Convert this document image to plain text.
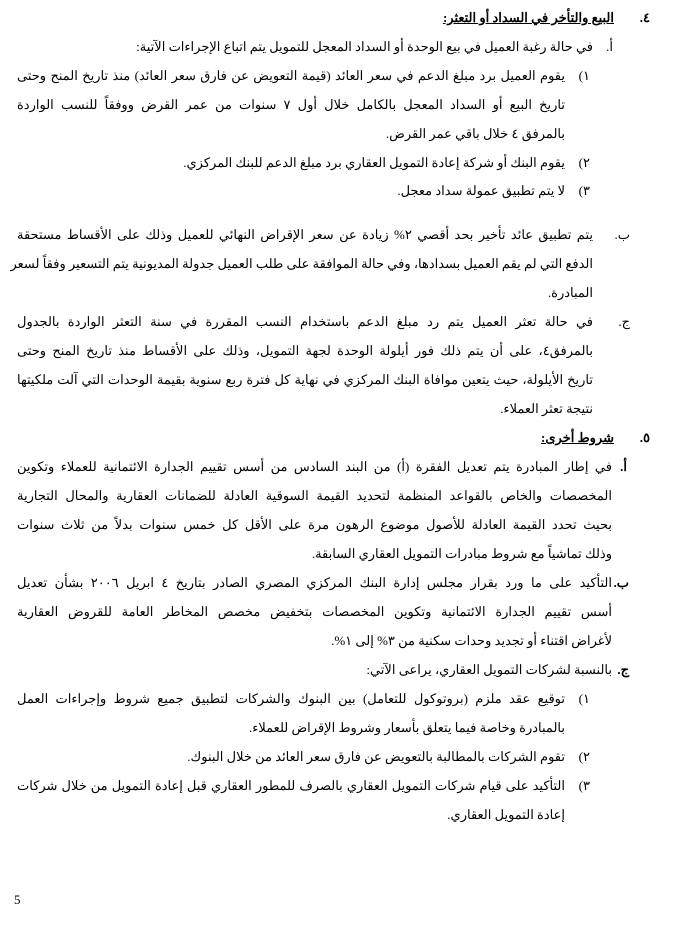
٤.
البيع والتأخر في السداد أو التعثر:
أ.
في حالة رغبة العميل في بيع الوحدة أو السداد المعجل للتمويل يتم اتباع الإجراءات الآتية:
١)
يقوم العميل برد مبلغ الدعم في سعر العائد (قيمة التعويض عن فارق سعر العائد) منذ تاريخ المنح وحتى
تاريخ البيع أو السداد المعجل بالكامل خلال أول ٧ سنوات من عمر القرض ووفقاً للنسب الواردة
بالمرفق ٤ خلال باقي عمر القرض.
٢)
يقوم البنك أو شركة إعادة التمويل العقاري برد مبلغ الدعم للبنك المركزي.
٣)
لا يتم تطبيق عمولة سداد معجل.
ب.
يتم تطبيق عائد تأخير بحد أقصي ٢% زيادة عن سعر الإقراض النهائي للعميل وذلك على الأقساط مستحقة
الدفع التي لم يقم العميل بسدادها، وفي حالة الموافقة على طلب العميل جدولة المديونية يتم التسعير وفقاً لسعر
المبادرة.
ج.
في حالة تعثر العميل يتم رد مبلغ الدعم باستخدام النسب المقررة في سنة التعثر الواردة بالجدول
بالمرفق٤، على أن يتم ذلك فور أيلولة الوحدة لجهة التمويل، وذلك على الأقساط منذ تاريخ المنح وحتى
تاريخ الأيلولة، حيث يتعين موافاة البنك المركزي في نهاية كل فترة ربع سنوية بقيمة الوحدات التي آلت ملكيتها
نتيجة تعثر العملاء.
٥.
شروط أخرى:
أ.
في إطار المبادرة يتم تعديل الفقرة (أ) من البند السادس من أسس تقييم الجدارة الائتمانية للعملاء وتكوين
المخصصات والخاص بالقواعد المنظمة لتحديد القيمة السوقية العادلة للضمانات العقارية والمحال التجارية
بحيث تحدد القيمة العادلة للأصول موضوع الرهون مرة على الأقل كل خمس سنوات بدلاً من ثلاث سنوات
وذلك تماشياً مع شروط مبادرات التمويل العقاري السابقة.
ب.
التأكيد على ما ورد بقرار مجلس إدارة البنك المركزي المصري الصادر بتاريخ ٤ ابريل ٢٠٠٦ بشأن تعديل
أسس تقييم الجدارة الائتمانية وتكوين المخصصات بتخفيض مخصص المخاطر العامة للقروض العقارية
لأغراض اقتناء أو تجديد وحدات سكنية من ٣% إلى ١%.
ج.
بالنسبة لشركات التمويل العقاري، يراعى الآتي:
١)
توقيع عقد ملزم (بروتوكول للتعامل) بين البنوك والشركات لتطبيق جميع شروط وإجراءات العمل
بالمبادرة وخاصة فيما يتعلق بأسعار وشروط الإقراض للعملاء.
٢)
تقوم الشركات بالمطالبة بالتعويض عن فارق سعر العائد من خلال البنوك.
٣)
التأكيد على قيام شركات التمويل العقاري بالصرف للمطور العقاري قبل إعادة التمويل من خلال شركات
إعادة التمويل العقاري.
5
